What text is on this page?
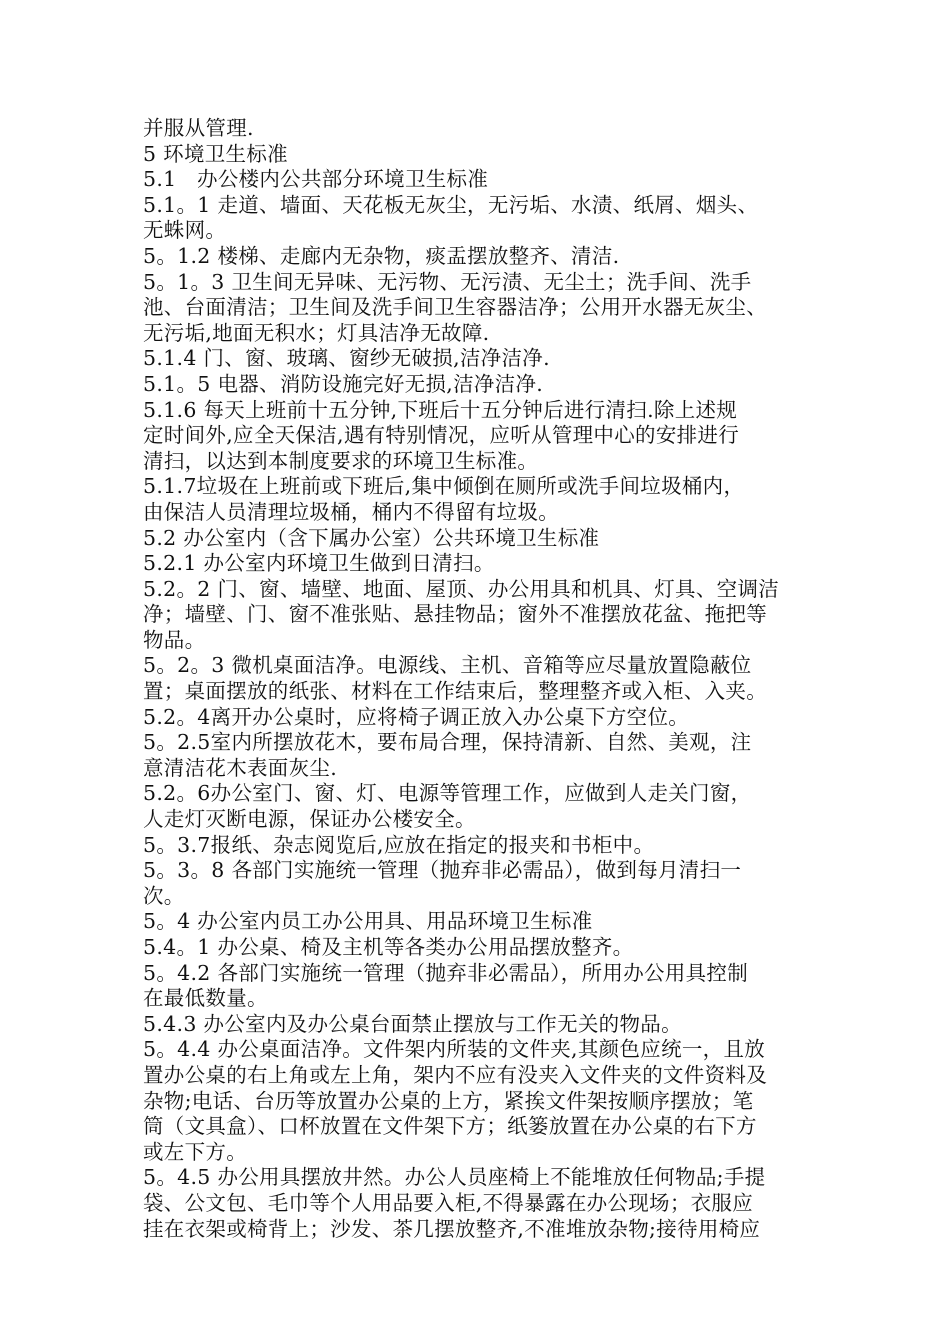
并服从管理.
5 环境卫生标准
5.1   办公楼内公共部分环境卫生标准
5.1。1 走道、墙面、天花板无灰尘，无污垢、水渍、纸屑、烟头、
无蛛网。
5。1.2 楼梯、走廊内无杂物，痰盂摆放整齐、清洁.
5。1。3 卫生间无异味、无污物、无污渍、无尘土；洗手间、洗手
池、台面清洁；卫生间及洗手间卫生容器洁净；公用开水器无灰尘、
无污垢,地面无积水；灯具洁净无故障.
5.1.4 门、窗、玻璃、窗纱无破损,洁净洁净.
5.1。5 电器、消防设施完好无损,洁净洁净.
5.1.6 每天上班前十五分钟,下班后十五分钟后进行清扫.除上述规
定时间外,应全天保洁,遇有特别情况，应听从管理中心的安排进行
清扫，以达到本制度要求的环境卫生标准。
5.1.7垃圾在上班前或下班后,集中倾倒在厕所或洗手间垃圾桶内，
由保洁人员清理垃圾桶，桶内不得留有垃圾。
5.2 办公室内（含下属办公室）公共环境卫生标准
5.2.1 办公室内环境卫生做到日清扫。
5.2。2 门、窗、墙壁、地面、屋顶、办公用具和机具、灯具、空调洁
净；墙壁、门、窗不准张贴、悬挂物品；窗外不准摆放花盆、拖把等
物品。
5。2。3 微机桌面洁净。电源线、主机、音箱等应尽量放置隐蔽位
置；桌面摆放的纸张、材料在工作结束后，整理整齐或入柜、入夹。
5.2。4离开办公桌时，应将椅子调正放入办公桌下方空位。
5。2.5室内所摆放花木，要布局合理，保持清新、自然、美观，注
意清洁花木表面灰尘.
5.2。6办公室门、窗、灯、电源等管理工作，应做到人走关门窗，
人走灯灭断电源，保证办公楼安全。
5。3.7报纸、杂志阅览后,应放在指定的报夹和书柜中。
5。3。8 各部门实施统一管理（抛弃非必需品），做到每月清扫一
次。
5。4 办公室内员工办公用具、用品环境卫生标准
5.4。1 办公桌、椅及主机等各类办公用品摆放整齐。
5。4.2 各部门实施统一管理（抛弃非必需品），所用办公用具控制
在最低数量。
5.4.3 办公室内及办公桌台面禁止摆放与工作无关的物品。
5。4.4 办公桌面洁净。文件架内所装的文件夹,其颜色应统一，且放
置办公桌的右上角或左上角，架内不应有没夹入文件夹的文件资料及
杂物;电话、台历等放置办公桌的上方，紧挨文件架按顺序摆放；笔
筒（文具盒）、口杯放置在文件架下方；纸篓放置在办公桌的右下方
或左下方。
5。4.5 办公用具摆放井然。办公人员座椅上不能堆放任何物品;手提
袋、公文包、毛巾等个人用品要入柜,不得暴露在办公现场；衣服应
挂在衣架或椅背上；沙发、茶几摆放整齐,不准堆放杂物;接待用椅应
